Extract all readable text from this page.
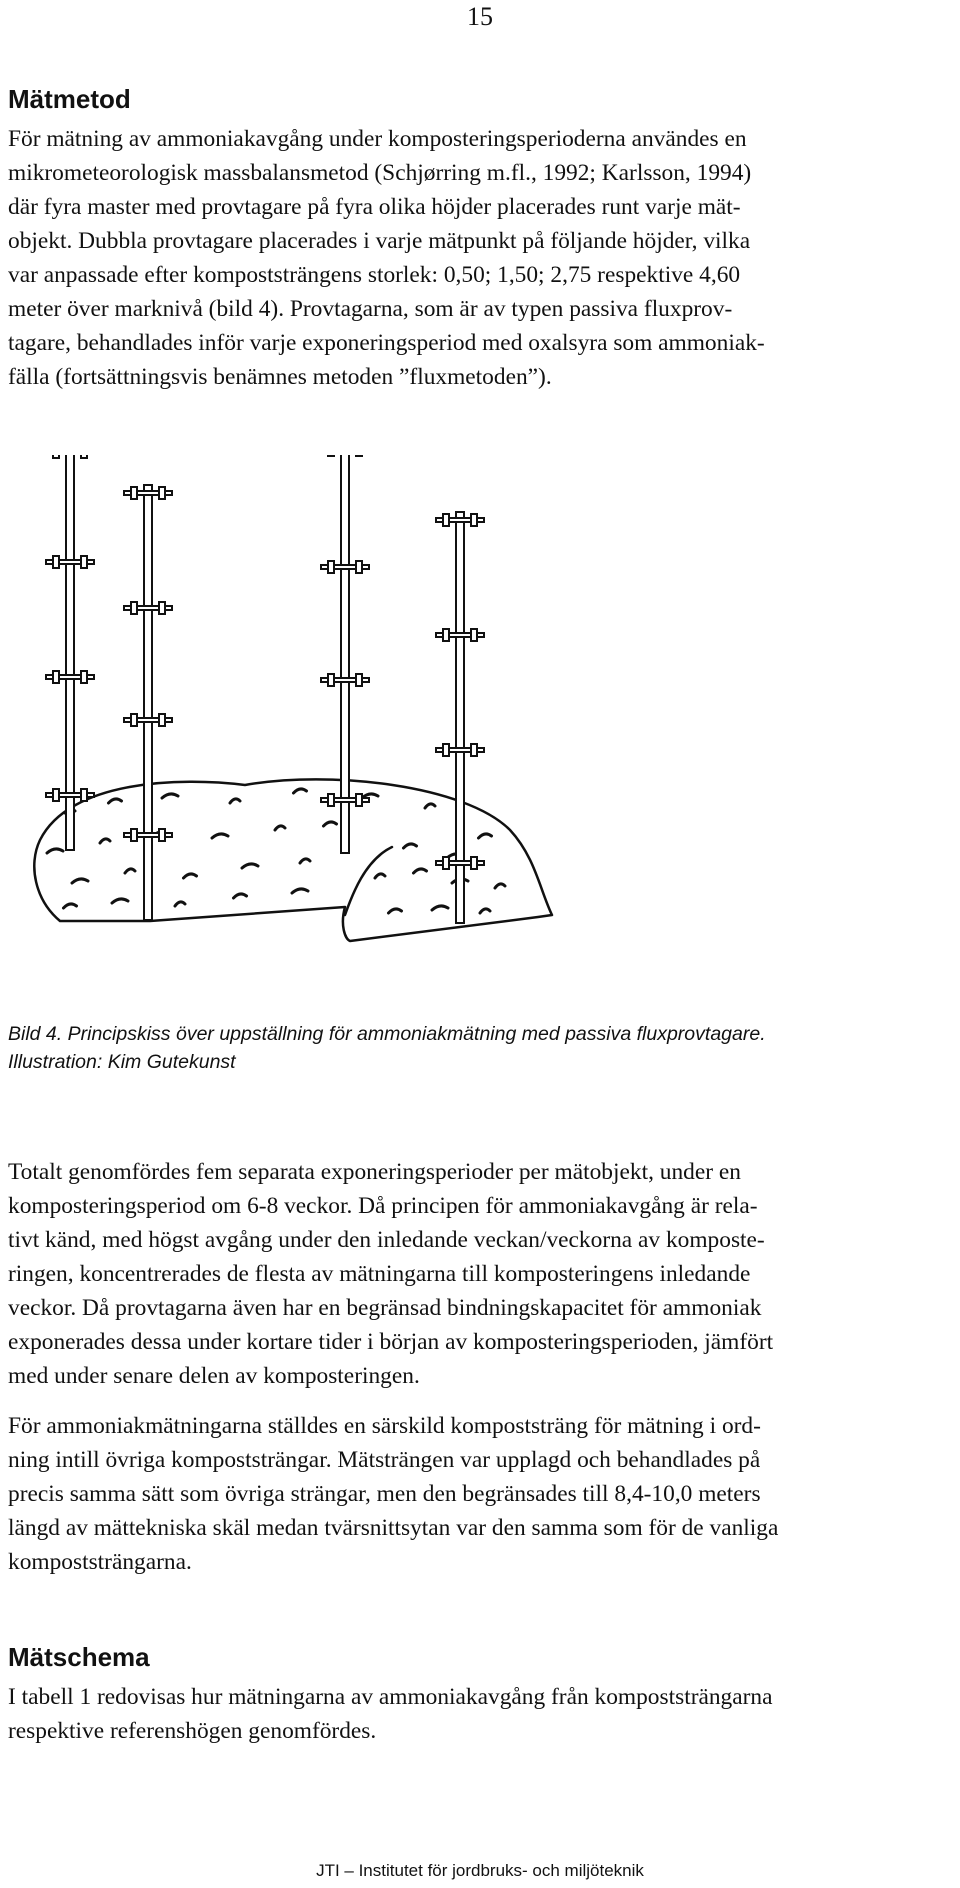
15
Mätmetod

För mätning av ammoniakavgång under komposteringsperioderna användes en
mikrometeorologisk massbalansmetod (Schjørring m.fl., 1992; Karlsson, 1994)
där fyra master med provtagare på fyra olika höjder placerades runt varje mät-
objekt. Dubbla provtagare placerades i varje mätpunkt på följande höjder, vilka
var anpassade efter kompoststrängens storlek: 0,50; 1,50; 2,75 respektive 4,60
meter över marknivå (bild 4). Provtagarna, som är av typen passiva fluxprov-
tagare, behandlades inför varje exponeringsperiod med oxalsyra som ammoniak-
fälla (fortsättningsvis benämnes metoden ”fluxmetoden”).

Bild 4. Principskiss över uppställning för ammoniakmätning med passiva fluxprovtagare.
Illustration: Kim Gutekunst

Totalt genomfördes fem separata exponeringsperioder per mätobjekt, under en
komposteringsperiod om 6-8 veckor. Då principen för ammoniakavgång är rela-
tivt känd, med högst avgång under den inledande veckan/veckorna av komposte-
ringen, koncentrerades de flesta av mätningarna till komposteringens inledande
veckor. Då provtagarna även har en begränsad bindningskapacitet för ammoniak
exponerades dessa under kortare tider i början av komposteringsperioden, jämfört
med under senare delen av komposteringen.

För ammoniakmätningarna ställdes en särskild kompoststräng för mätning i ord-
ning intill övriga kompoststrängar. Mätsträngen var upplagd och behandlades på
precis samma sätt som övriga strängar, men den begränsades till 8,4-10,0 meters
längd av mättekniska skäl medan tvärsnittsytan var den samma som för de vanliga
kompoststrängarna.

Mätschema

I tabell 1 redovisas hur mätningarna av ammoniakavgång från kompoststrängarna
respektive referenshögen genomfördes.

JTI – Institutet för jordbruks- och miljöteknik
